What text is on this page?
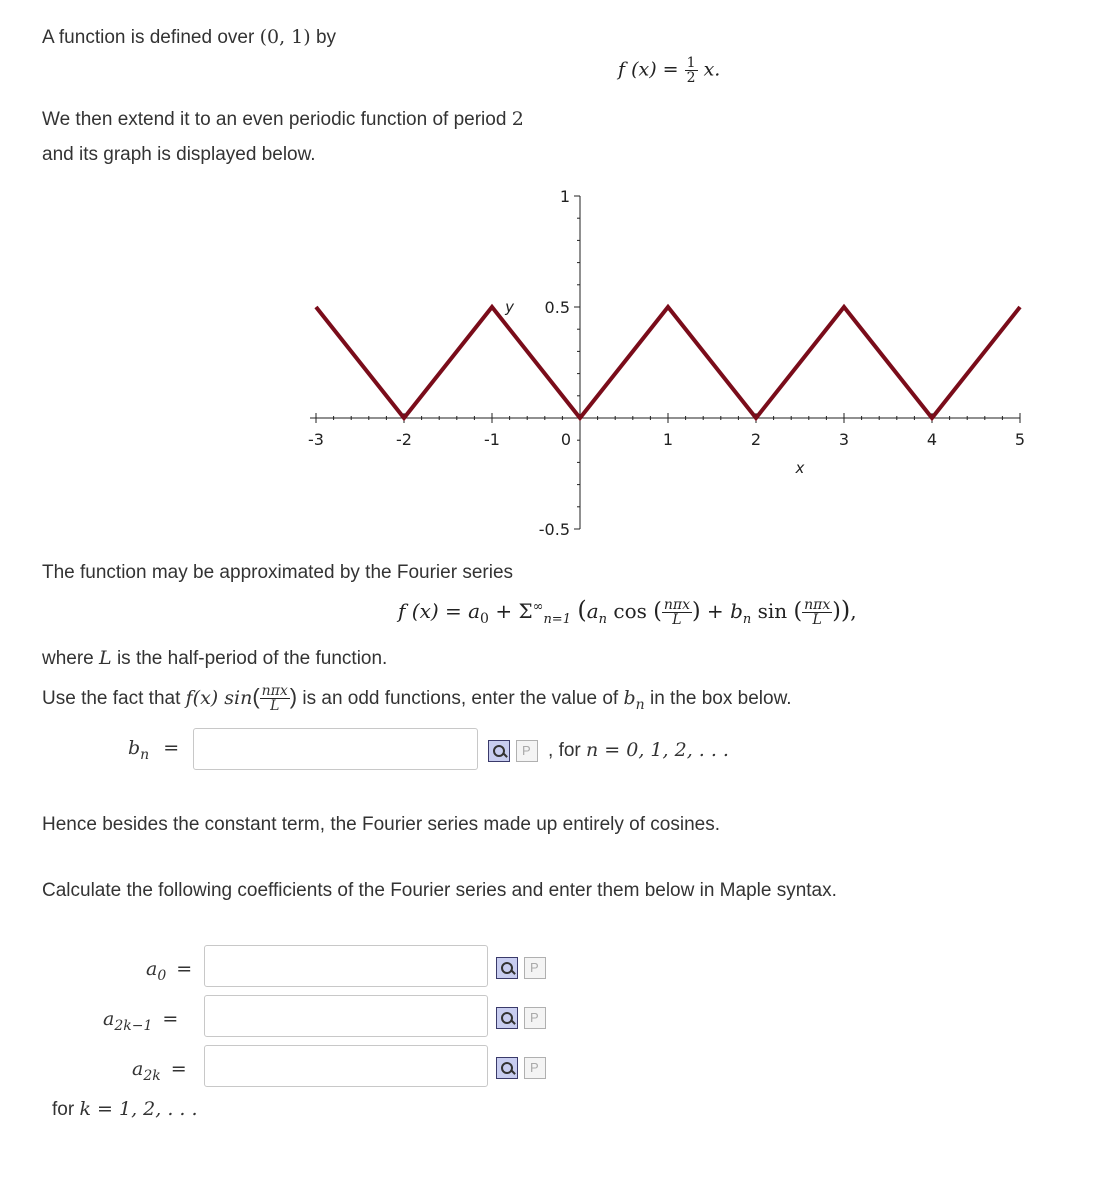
A function is defined over (0, 1) by
f $(x) = \frac{1}{2} x$.
We then extend it to an even periodic function of period 2
and its graph is displayed below.
-3	-2	-1	0	1	2	3	4	5
-0.5
0.5
1
x
y
The function may be approximated by the Fourier series
f $(x) = a_0 + \Sigma^\infty_{n=1}$ ($a_n$ cos ( $\frac{\text{nπx}}{L}$ ) + $b_n$ sin ( $\frac{\text{nπx}}{L}$ )),
where L is the half-period of the function.
Use the fact that f(x) $\sin( \frac{\text{nπx}}{L}$ ) is an odd functions, enter the value of $b_n$ in the box below.
$b_n$ =
P	, for n = 0, 1, 2, . . .
Hence besides the constant term, the Fourier series made up entirely of cosines.
Calculate the following coefficients of the Fourier series and enter them below in Maple syntax.
$a_0$ =
P
$a_{2k-1}$ =
P
$a_{2k}$ =
P
for k = 1, 2, . . .
